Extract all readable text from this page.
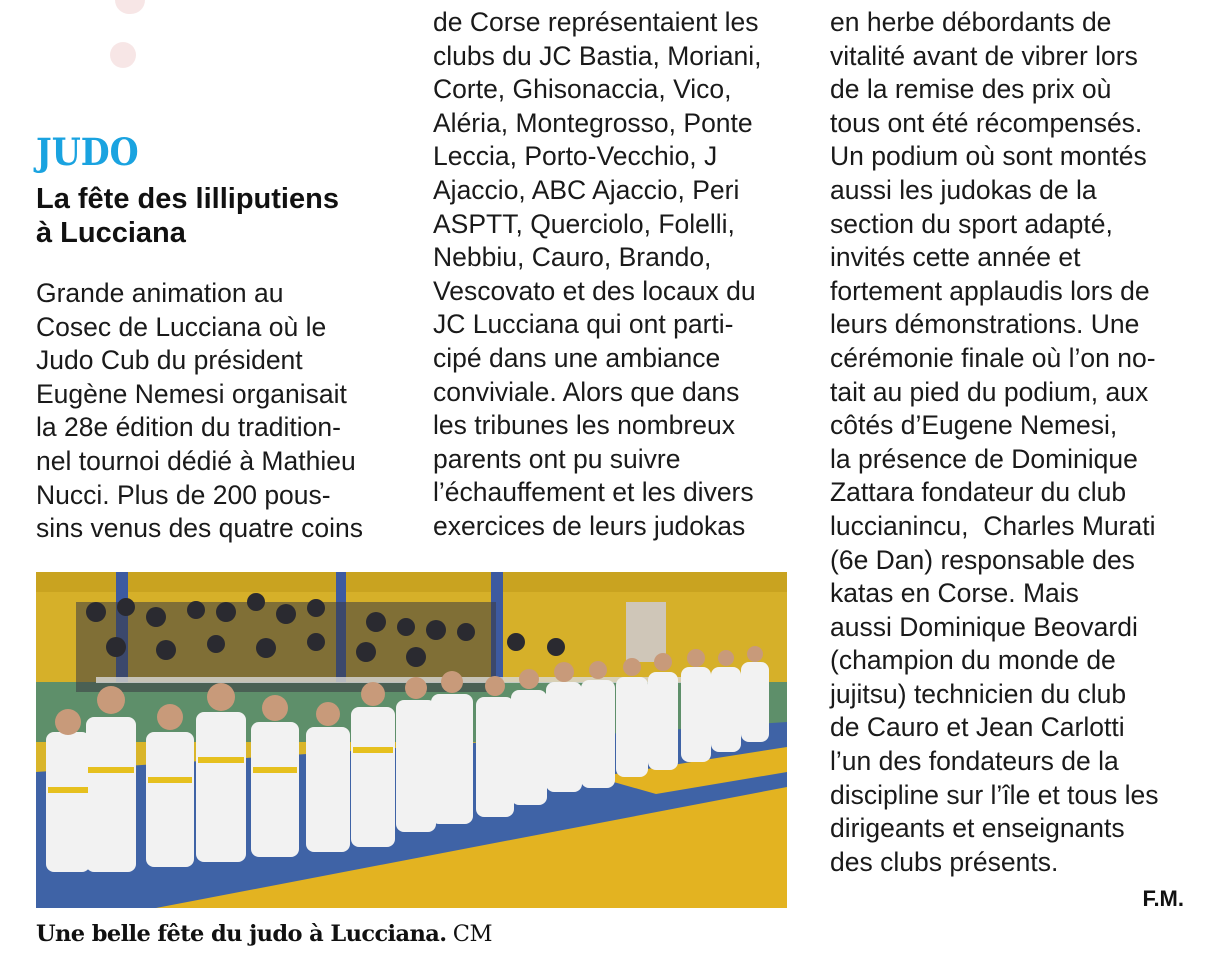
JUDO
La fête des lilliputiens
à Lucciana
Grande animation au
Cosec de Lucciana où le
Judo Cub du président
Eugène Nemesi organisait
la 28e édition du tradition-
nel tournoi dédié à Mathieu
Nucci. Plus de 200 pous-
sins venus des quatre coins
de Corse représentaient les
clubs du JC Bastia, Moriani,
Corte, Ghisonaccia, Vico,
Aléria, Montegrosso, Ponte
Leccia, Porto-Vecchio, J
Ajaccio, ABC Ajaccio, Peri
ASPTT, Querciolo, Folelli,
Nebbiu, Cauro, Brando,
Vescovato et des locaux du
JC Lucciana qui ont parti-
cipé dans une ambiance
conviviale. Alors que dans
les tribunes les nombreux
parents ont pu suivre
l’échauffement et les divers
exercices de leurs judokas
en herbe débordants de
vitalité avant de vibrer lors
de la remise des prix où
tous ont été récompensés.
Un podium où sont montés
aussi les judokas de la
section du sport adapté,
invités cette année et
fortement applaudis lors de
leurs démonstrations. Une
cérémonie finale où l’on no-
tait au pied du podium, aux
côtés d’Eugene Nemesi,
la présence de Dominique
Zattara fondateur du club
luccianincu,  Charles Murati
(6e Dan) responsable des
katas en Corse. Mais
aussi Dominique Beovardi
(champion du monde de
jujitsu) technicien du club
de Cauro et Jean Carlotti
l’un des fondateurs de la
discipline sur l’île et tous les
dirigeants et enseignants
des clubs présents.
F.M.
Une belle fête du judo à Lucciana. CM
